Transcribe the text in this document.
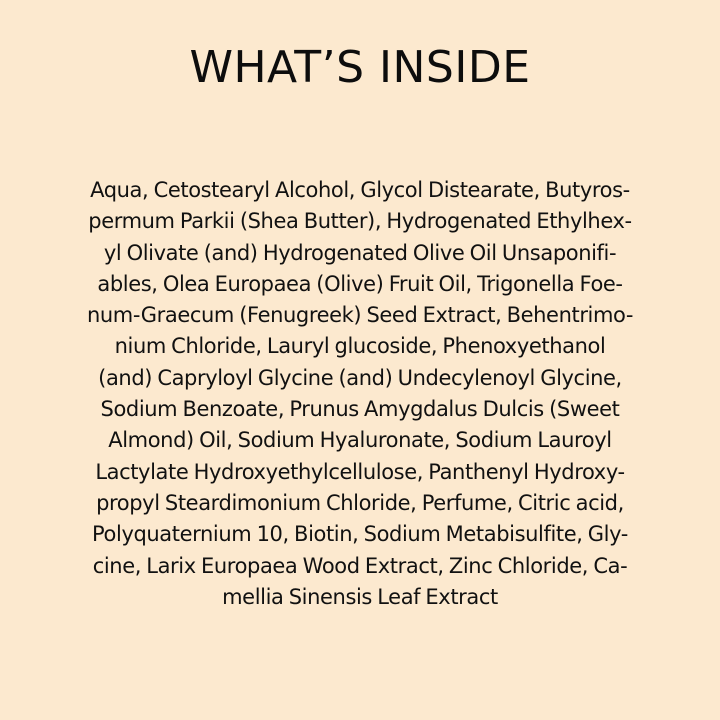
WHAT’S INSIDE
Aqua, Cetostearyl Alcohol, Glycol Distearate, Butyros-
permum Parkii (Shea Butter), Hydrogenated Ethylhex-
yl Olivate (and) Hydrogenated Olive Oil Unsaponifi-
ables, Olea Europaea (Olive) Fruit Oil, Trigonella Foe-
num-Graecum (Fenugreek) Seed Extract, Behentrimo-
nium Chloride, Lauryl glucoside, Phenoxyethanol
(and) Capryloyl Glycine (and) Undecylenoyl Glycine,
Sodium Benzoate, Prunus Amygdalus Dulcis (Sweet
Almond) Oil, Sodium Hyaluronate, Sodium Lauroyl
Lactylate Hydroxyethylcellulose, Panthenyl Hydroxy-
propyl Steardimonium Chloride, Perfume, Citric acid,
Polyquaternium 10, Biotin, Sodium Metabisulfite, Gly-
cine, Larix Europaea Wood Extract, Zinc Chloride, Ca-
mellia Sinensis Leaf Extract
